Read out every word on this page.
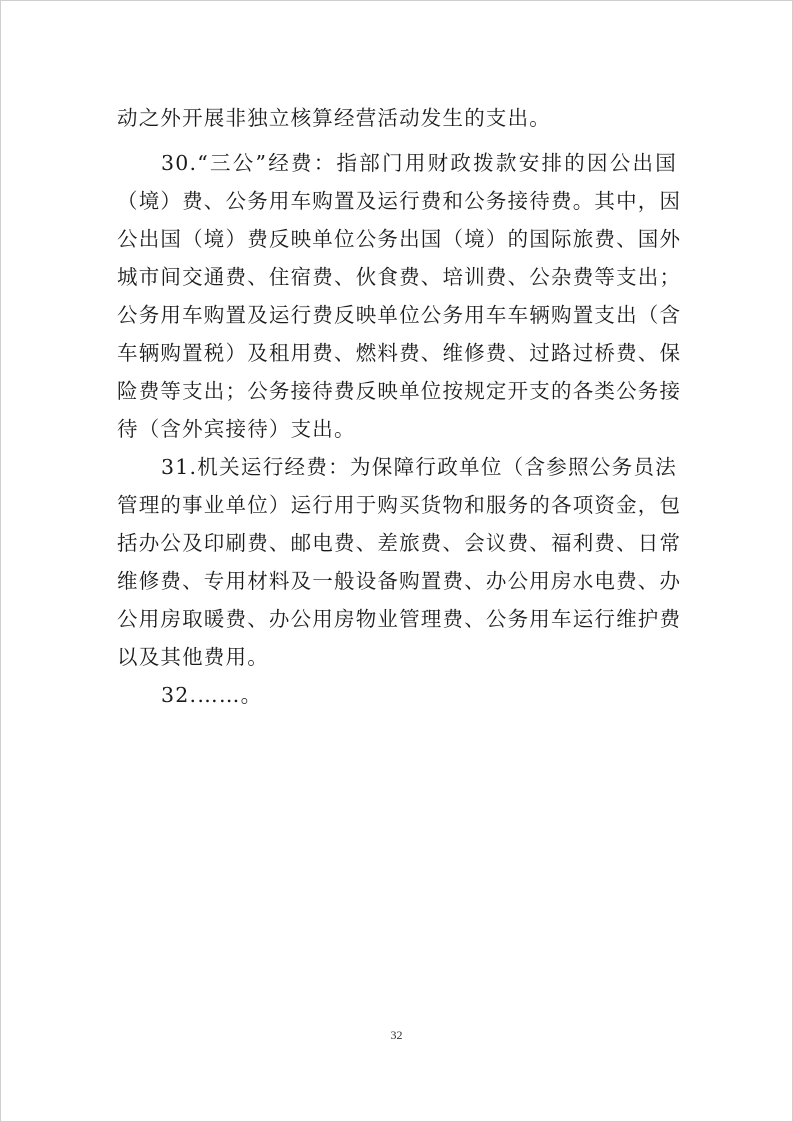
动之外开展非独立核算经营活动发生的支出。
30.“三公”经费：指部门用财政拨款安排的因公出国
（境）费、公务用车购置及运行费和公务接待费。其中，因
公出国（境）费反映单位公务出国（境）的国际旅费、国外
城市间交通费、住宿费、伙食费、培训费、公杂费等支出；
公务用车购置及运行费反映单位公务用车车辆购置支出（含
车辆购置税）及租用费、燃料费、维修费、过路过桥费、保
险费等支出；公务接待费反映单位按规定开支的各类公务接
待（含外宾接待）支出。
31.机关运行经费：为保障行政单位（含参照公务员法
管理的事业单位）运行用于购买货物和服务的各项资金，包
括办公及印刷费、邮电费、差旅费、会议费、福利费、日常
维修费、专用材料及一般设备购置费、办公用房水电费、办
公用房取暖费、办公用房物业管理费、公务用车运行维护费
以及其他费用。
32.……。
32
